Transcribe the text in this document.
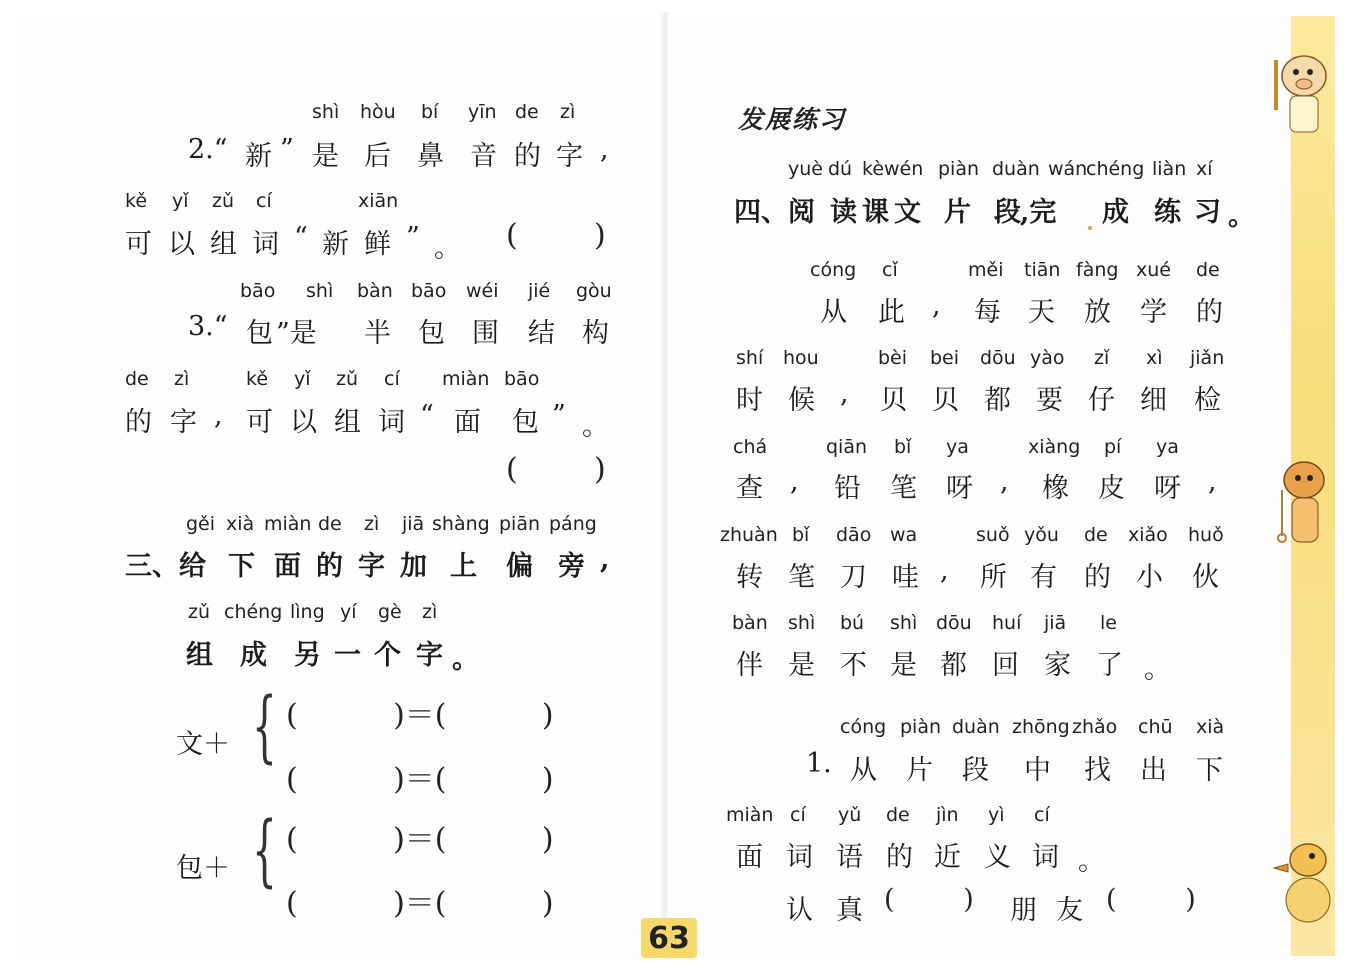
shì hòu bí yīn de zì
2.“ 新 ” 是 后 鼻 音 的 字 ,
kě yǐ zǔ cí	xiān
可 以 组 词 “ 新 鲜 ” 。 (        )
bāo shì bàn bāo wéi jié gòu
3.“ 包 ”是 半 包 围 结 构
de zì	kě yǐ zǔ cí miàn bāo
的 字 , 可 以 组 词 “ 面 包 ” 。
(        )
gěi xià miàn de zì jiā shàng piān páng
三、给 下 面 的 字 加 上 偏 旁 ,
zǔ chéng lìng yí gè zì
组 成 另 一 个 字 。
文＋ { (          )＝(          )
(          )＝(          )
包＋ { (          )＝(          )
(          )＝(          )
发展练习
yuè dú kèwén piàn duàn wán
chéng liàn xí
四、阅 读 课 文 片 段 ,完 成 练 习 。
cóng cǐ	měi tiān fàng xué de
从 此 , 每 天 放 学 的
shí hou	bèi bei dōu yào zǐ xì jiǎn
时 候 , 贝 贝 都 要 仔 细 检
chá	qiān bǐ ya	xiàng pí ya
查 , 铅 笔 呀 , 橡 皮 呀 ,
zhuàn bǐ dāo wa	suǒ yǒu de xiǎo huǒ
转 笔 刀 哇 , 所 有 的 小 伙
bàn shì bú shì dōu huí jiā le
伴 是 不 是 都 回 家 了 。
cóng piàn duàn zhōng zhǎo chū xià
1. 从 片 段 中 找 出 下
miàn cí yǔ de jìn yì cí
面 词 语 的 近 义 词 。
认 真 (        ) 朋 友 (        )
63
